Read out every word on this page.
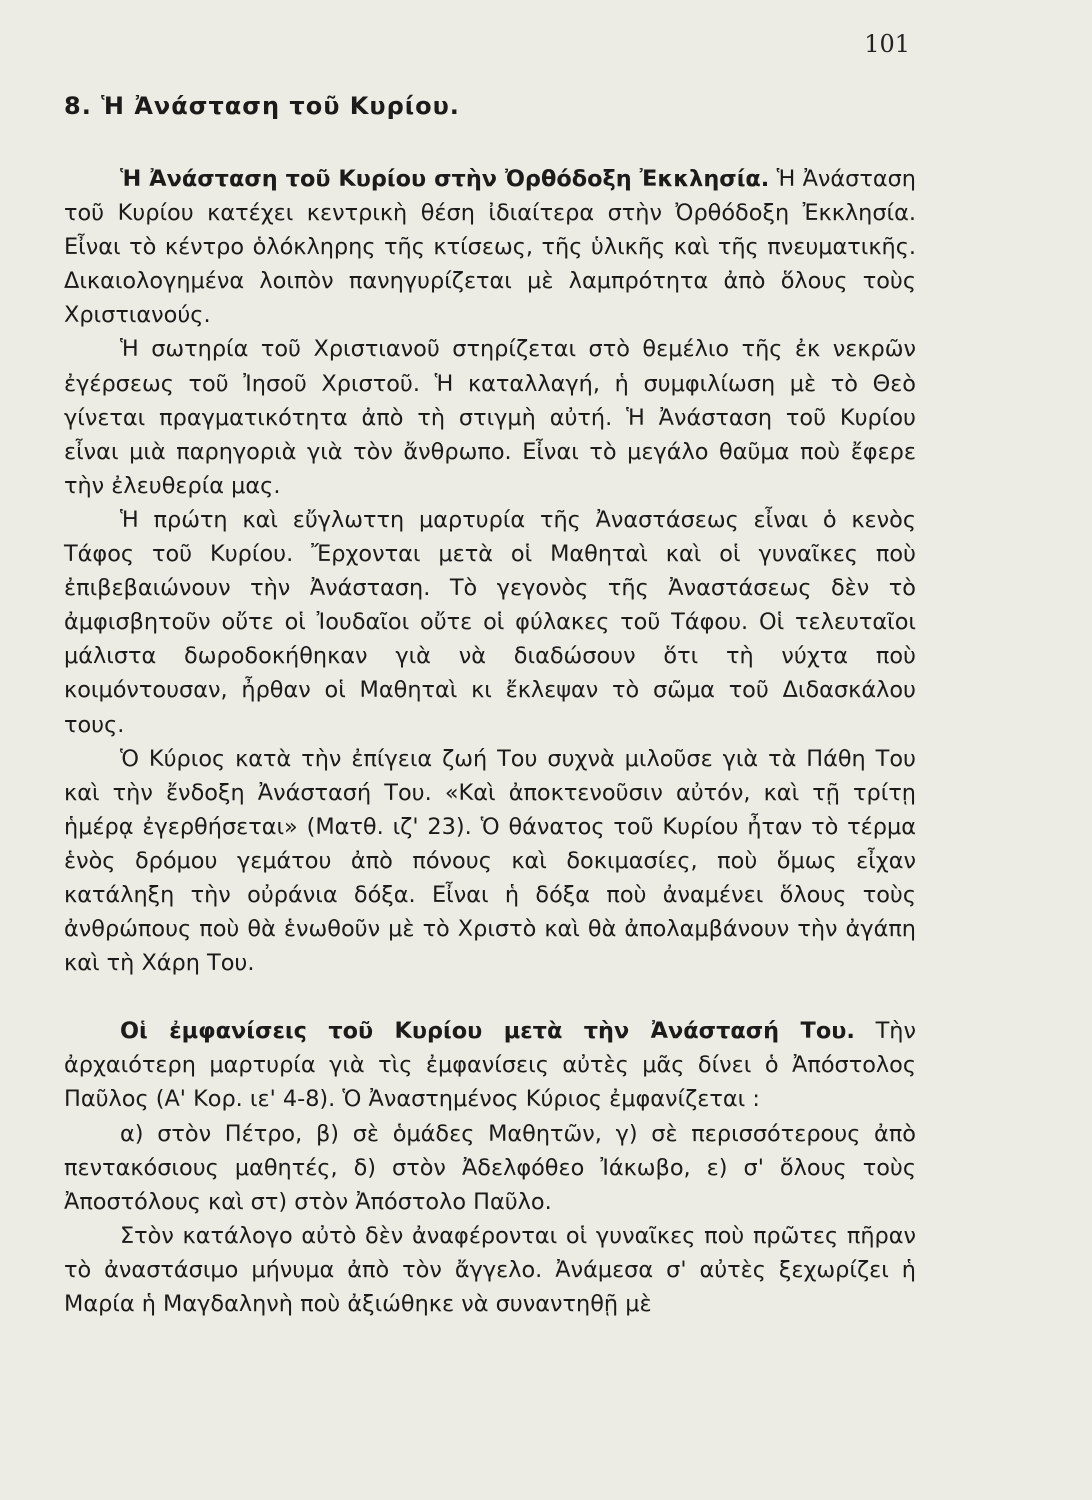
101
8. Ἡ Ἀνάσταση τοῦ Κυρίου.

Ἡ Ἀνάσταση τοῦ Κυρίου στὴν Ὀρθόδοξη Ἐκκλησία. Ἡ Ἀνάσταση τοῦ Κυρίου κατέχει κεντρικὴ θέση ἰδιαίτερα στὴν Ὀρθόδοξη Ἐκκλησία. Εἶναι τὸ κέντρο ὁλόκληρης τῆς κτίσεως, τῆς ὑλικῆς καὶ τῆς πνευματικῆς. Δικαιολογημένα λοιπὸν πανηγυρίζεται μὲ λαμπρότητα ἀπὸ ὅλους τοὺς Χριστιανούς.

Ἡ σωτηρία τοῦ Χριστιανοῦ στηρίζεται στὸ θεμέλιο τῆς ἐκ νεκρῶν ἐγέρσεως τοῦ Ἰησοῦ Χριστοῦ. Ἡ καταλλαγή, ἡ συμφιλίωση μὲ τὸ Θεὸ γίνεται πραγματικότητα ἀπὸ τὴ στιγμὴ αὐτή. Ἡ Ἀνάσταση τοῦ Κυρίου εἶναι μιὰ παρηγοριὰ γιὰ τὸν ἄνθρωπο. Εἶναι τὸ μεγάλο θαῦμα ποὺ ἔφερε τὴν ἐλευθερία μας.

Ἡ πρώτη καὶ εὔγλωττη μαρτυρία τῆς Ἀναστάσεως εἶναι ὁ κενὸς Τάφος τοῦ Κυρίου. Ἔρχονται μετὰ οἱ Μαθηταὶ καὶ οἱ γυναῖκες ποὺ ἐπιβεβαιώνουν τὴν Ἀνάσταση. Τὸ γεγονὸς τῆς Ἀναστάσεως δὲν τὸ ἀμφισβητοῦν οὔτε οἱ Ἰουδαῖοι οὔτε οἱ φύλακες τοῦ Τάφου. Οἱ τελευταῖοι μάλιστα δωροδοκήθηκαν γιὰ νὰ διαδώσουν ὅτι τὴ νύχτα ποὺ κοιμόντουσαν, ἦρθαν οἱ Μαθηταὶ κι ἔκλεψαν τὸ σῶμα τοῦ Διδασκάλου τους.

Ὁ Κύριος κατὰ τὴν ἐπίγεια ζωή Του συχνὰ μιλοῦσε γιὰ τὰ Πάθη Του καὶ τὴν ἔνδοξη Ἀνάστασή Του. «Καὶ ἀποκτενοῦσιν αὐτόν, καὶ τῇ τρίτῃ ἡμέρᾳ ἐγερθήσεται» (Ματθ. ιζ' 23). Ὁ θάνατος τοῦ Κυρίου ἦταν τὸ τέρμα ἑνὸς δρόμου γεμάτου ἀπὸ πόνους καὶ δοκιμασίες, ποὺ ὅμως εἶχαν κατάληξη τὴν οὐράνια δόξα. Εἶναι ἡ δόξα ποὺ ἀναμένει ὅλους τοὺς ἀνθρώπους ποὺ θὰ ἑνωθοῦν μὲ τὸ Χριστὸ καὶ θὰ ἀπολαμβάνουν τὴν ἀγάπη καὶ τὴ Χάρη Του.

Οἱ ἐμφανίσεις τοῦ Κυρίου μετὰ τὴν Ἀνάστασή Του. Τὴν ἀρχαιότερη μαρτυρία γιὰ τὶς ἐμφανίσεις αὐτὲς μᾶς δίνει ὁ Ἀπόστολος Παῦλος (Α' Κορ. ιε' 4-8). Ὁ Ἀναστημένος Κύριος ἐμφανίζεται :

α) στὸν Πέτρο, β) σὲ ὁμάδες Μαθητῶν, γ) σὲ περισσότερους ἀπὸ πεντακόσιους μαθητές, δ) στὸν Ἀδελφόθεο Ἰάκωβο, ε) σ' ὅλους τοὺς Ἀποστόλους καὶ στ) στὸν Ἀπόστολο Παῦλο.

Στὸν κατάλογο αὐτὸ δὲν ἀναφέρονται οἱ γυναῖκες ποὺ πρῶτες πῆραν τὸ ἀναστάσιμο μήνυμα ἀπὸ τὸν ἄγγελο. Ἀνάμεσα σ' αὐτὲς ξεχωρίζει ἡ Μαρία ἡ Μαγδαληνὴ ποὺ ἀξιώθηκε νὰ συναντηθῇ μὲ
